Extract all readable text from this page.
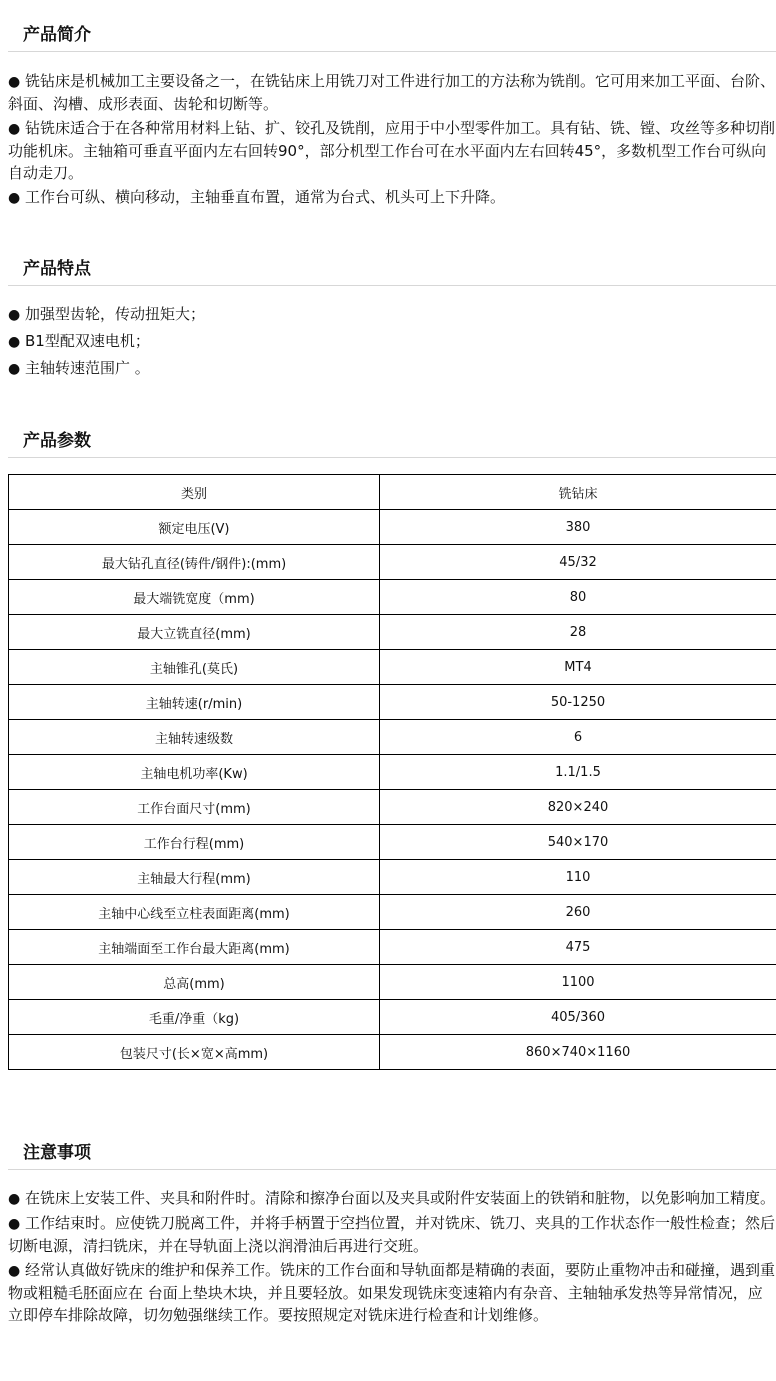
产品简介

● 铣钻床是机械加工主要设备之一，在铣钻床上用铣刀对工件进行加工的方法称为铣削。它可用来加工平面、台阶、斜面、沟槽、成形表面、齿轮和切断等。

● 钻铣床适合于在各种常用材料上钻、扩、铰孔及铣削，应用于中小型零件加工。具有钻、铣、镗、攻丝等多种切削功能机床。主轴箱可垂直平面内左右回转90°，部分机型工作台可在水平面内左右回转45°，多数机型工作台可纵向自动走刀。

● 工作台可纵、横向移动，主轴垂直布置，通常为台式、机头可上下升降。

产品特点

● 加强型齿轮，传动扭矩大；

● B1型配双速电机；

● 主轴转速范围广 。

产品参数
类别	铣钻床
额定电压(V)	380
最大钻孔直径(铸件/钢件):(mm)	45/32
最大端铣宽度（mm)	80
最大立铣直径(mm)	28
主轴锥孔(莫氏)	MT4
主轴转速(r/min)	50-1250
主轴转速级数	6
主轴电机功率(Kw)	1.1/1.5
工作台面尺寸(mm)	820×240
工作台行程(mm)	540×170
主轴最大行程(mm)	110
主轴中心线至立柱表面距离(mm)	260
主轴端面至工作台最大距离(mm)	475
总高(mm)	1100
毛重/净重（kg)	405/360
包装尺寸(长×宽×高mm)	860×740×1160
注意事项

● 在铣床上安装工件、夹具和附件时。清除和擦净台面以及夹具或附件安装面上的铁销和脏物，以免影响加工精度。

● 工作结束时。应使铣刀脱离工件，并将手柄置于空挡位置，并对铣床、铣刀、夹具的工作状态作一般性检查；然后切断电源，清扫铣床，并在导轨面上浇以润滑油后再进行交班。

● 经常认真做好铣床的维护和保养工作。铣床的工作台面和导轨面都是精确的表面，要防止重物冲击和碰撞，遇到重物或粗糙毛胚面应在 台面上垫块木块，并且要轻放。如果发现铣床变速箱内有杂音、主轴轴承发热等异常情况，应立即停车排除故障，切勿勉强继续工作。要按照规定对铣床进行检查和计划维修。
